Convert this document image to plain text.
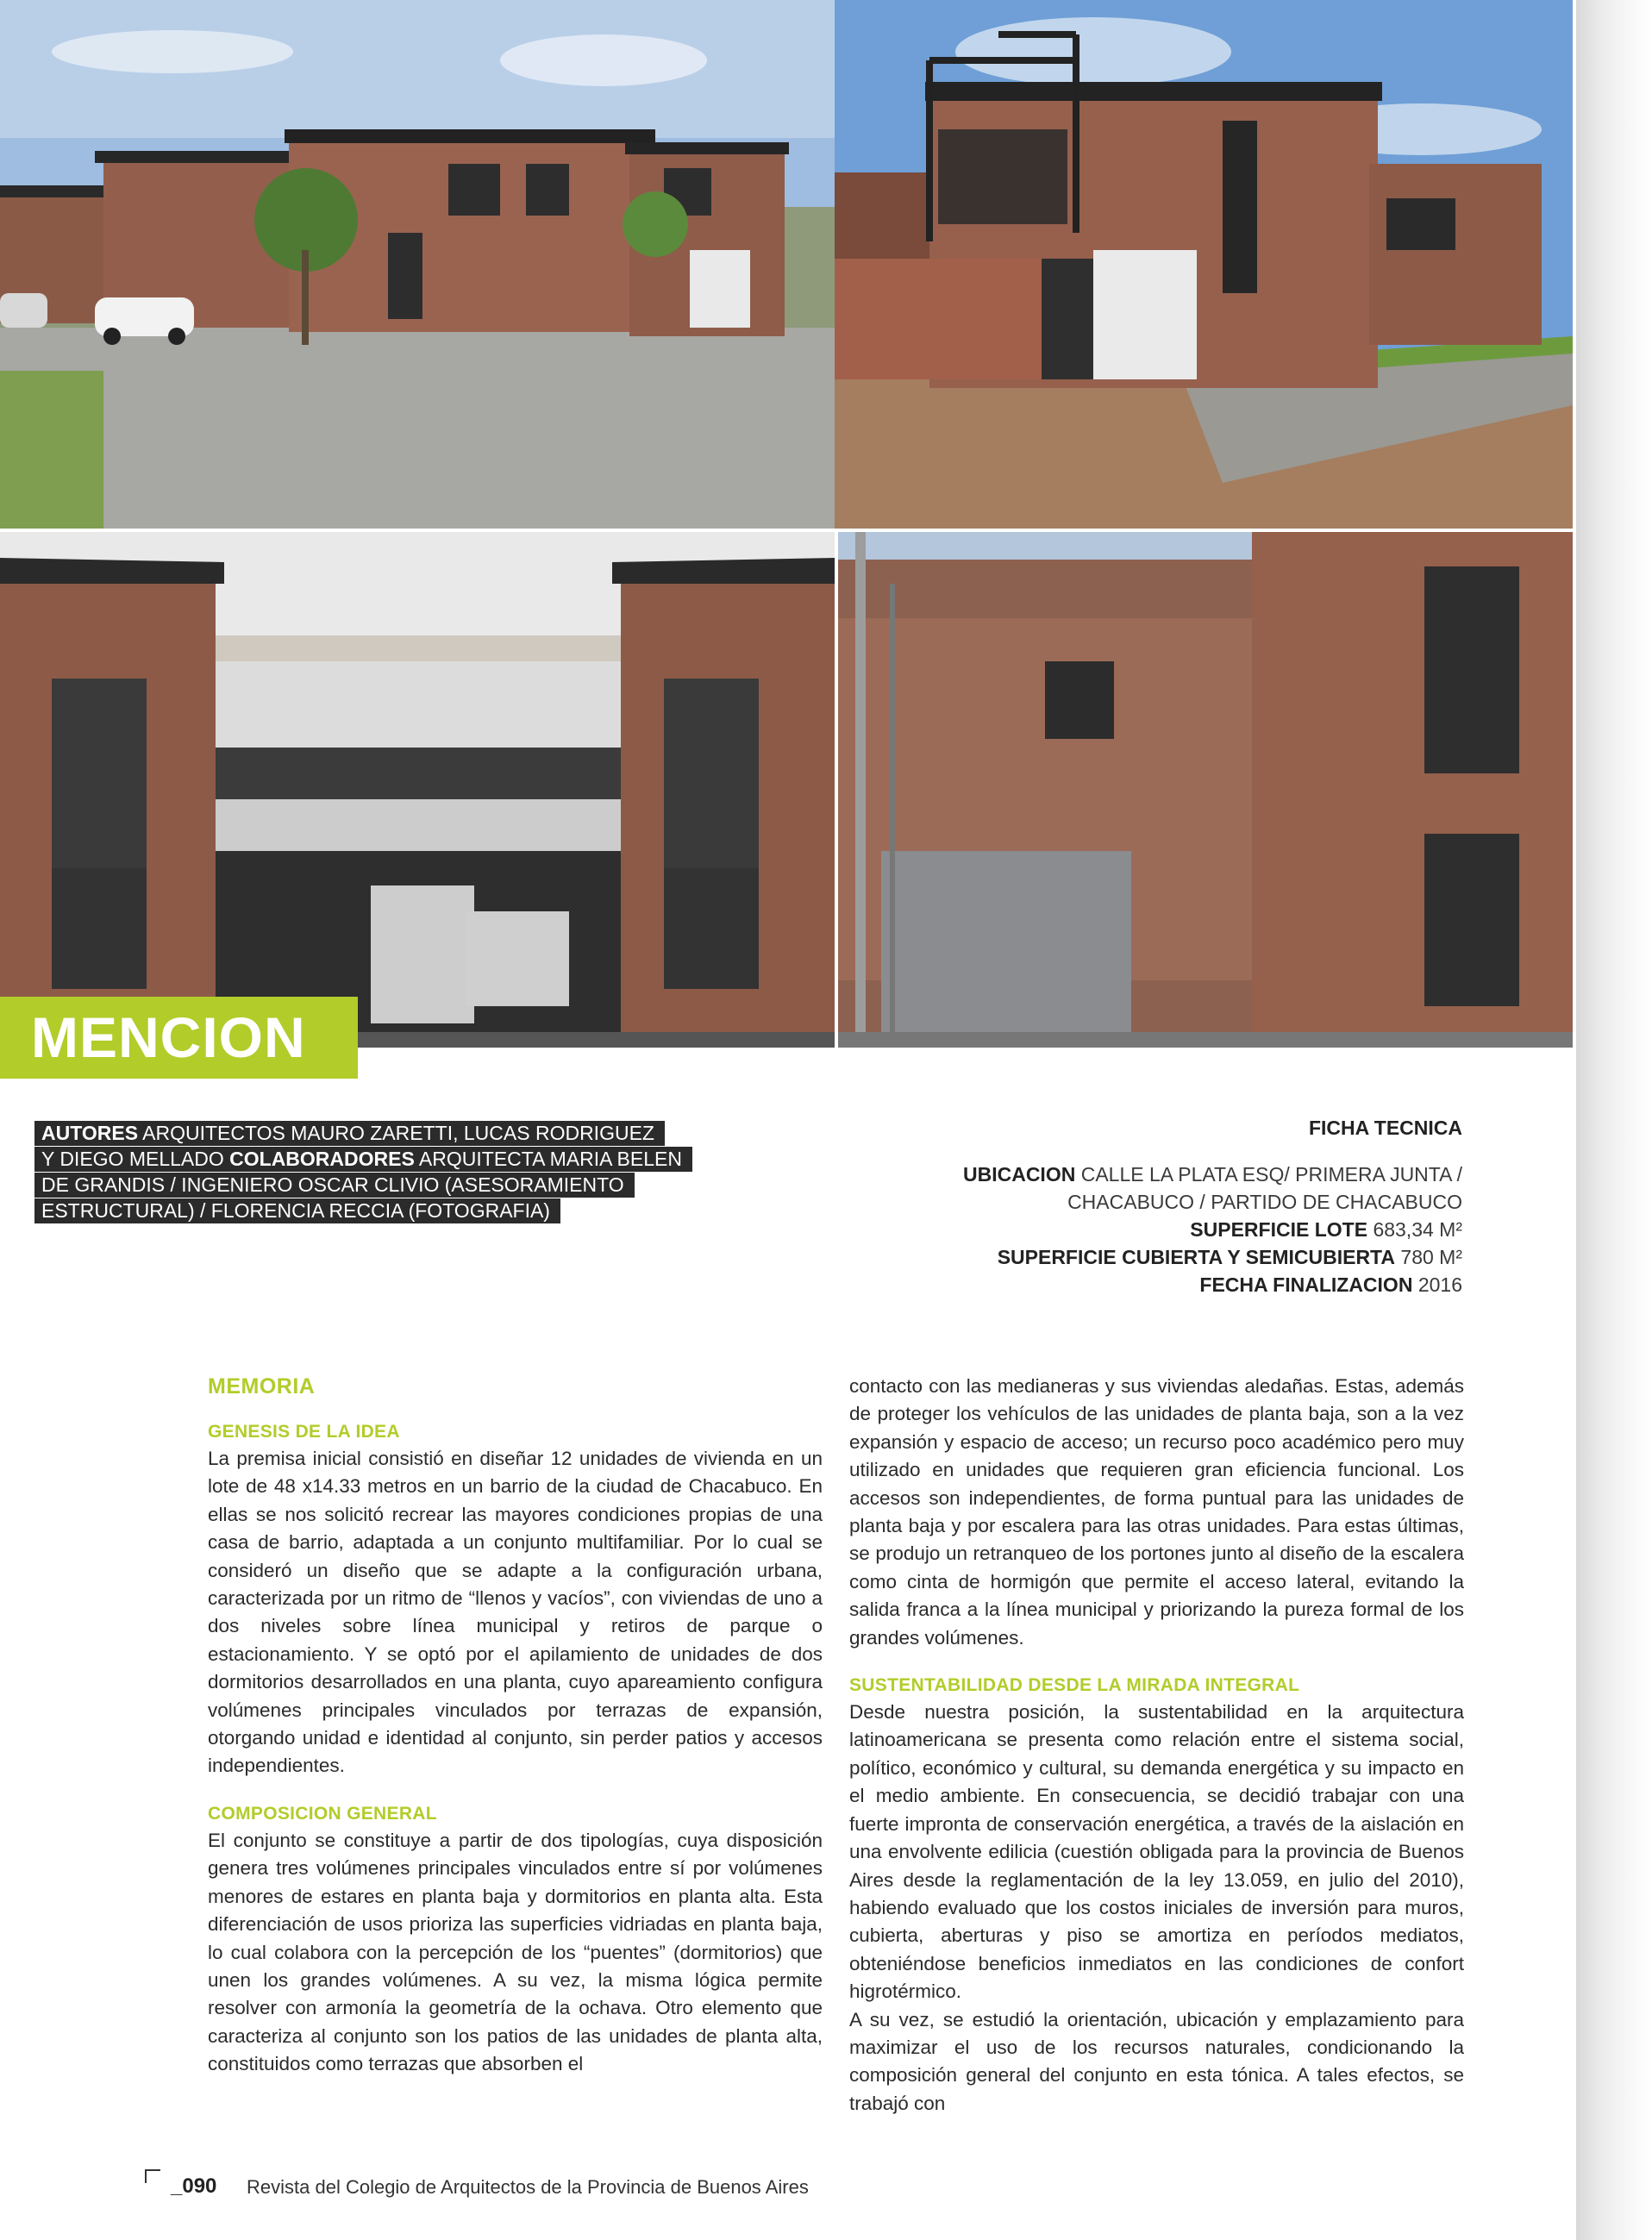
MENCION
AUTORES ARQUITECTOS MAURO ZARETTI, LUCAS RODRIGUEZ
Y DIEGO MELLADO COLABORADORES ARQUITECTA MARIA BELEN
DE GRANDIS / INGENIERO OSCAR CLIVIO (ASESORAMIENTO
ESTRUCTURAL) / FLORENCIA RECCIA (FOTOGRAFIA)
FICHA TECNICA
UBICACION CALLE LA PLATA ESQ/ PRIMERA JUNTA /
CHACABUCO / PARTIDO DE CHACABUCO
SUPERFICIE LOTE 683,34 M²
SUPERFICIE CUBIERTA Y SEMICUBIERTA 780 M²
FECHA FINALIZACION 2016
MEMORIA
GENESIS DE LA IDEA

La premisa inicial consistió en diseñar 12 unidades de vivienda en un lote de 48 x14.33 metros en un barrio de la ciudad de Chacabuco. En ellas se nos solicitó recrear las mayores condiciones propias de una casa de barrio, adaptada a un conjunto multifamiliar. Por lo cual se consideró un diseño que se adapte a la configuración urbana, caracterizada por un ritmo de “llenos y vacíos”, con viviendas de uno a dos niveles sobre línea municipal y retiros de parque o estacionamiento. Y se optó por el apilamiento de unidades de dos dormitorios desarrollados en una planta, cuyo apareamiento configura volúmenes principales vinculados por terrazas de expansión, otorgando unidad e identidad al conjunto, sin perder patios y accesos independientes.

COMPOSICION GENERAL

El conjunto se constituye a partir de dos tipologías, cuya disposición genera tres volúmenes principales vinculados entre sí por volúmenes menores de estares en planta baja y dormitorios en planta alta. Esta diferenciación de usos prioriza las superficies vidriadas en planta baja, lo cual colabora con la percepción de los “puentes” (dormitorios) que unen los grandes volúmenes. A su vez, la misma lógica permite resolver con armonía la geometría de la ochava. Otro elemento que caracteriza al conjunto son los patios de las unidades de planta alta, constituidos como terrazas que absorben el

contacto con las medianeras y sus viviendas aledañas. Estas, además de proteger los vehículos de las unidades de planta baja, son a la vez expansión y espacio de acceso; un recurso poco académico pero muy utilizado en unidades que requieren gran eficiencia funcional. Los accesos son independientes, de forma puntual para las unidades de planta baja y por escalera para las otras unidades. Para estas últimas, se produjo un retranqueo de los portones junto al diseño de la escalera como cinta de hormigón que permite el acceso lateral, evitando la salida franca a la línea municipal y priorizando la pureza formal de los grandes volúmenes.

SUSTENTABILIDAD DESDE LA MIRADA INTEGRAL

Desde nuestra posición, la sustentabilidad en la arquitectura latinoamericana se presenta como relación entre el sistema social, político, económico y cultural, su demanda energética y su impacto en el medio ambiente. En consecuencia, se decidió trabajar con una fuerte impronta de conservación energética, a través de la aislación en una envolvente edilicia (cuestión obligada para la provincia de Buenos Aires desde la reglamentación de la ley 13.059, en julio del 2010), habiendo evaluado que los costos iniciales de inversión para muros, cubierta, aberturas y piso se amortiza en períodos mediatos, obteniéndose beneficios inmediatos en las condiciones de confort higrotérmico.

A su vez, se estudió la orientación, ubicación y emplazamiento para maximizar el uso de los recursos naturales, condicionando la composición general del conjunto en esta tónica. A tales efectos, se trabajó con

_090 Revista del Colegio de Arquitectos de la Provincia de Buenos Aires
